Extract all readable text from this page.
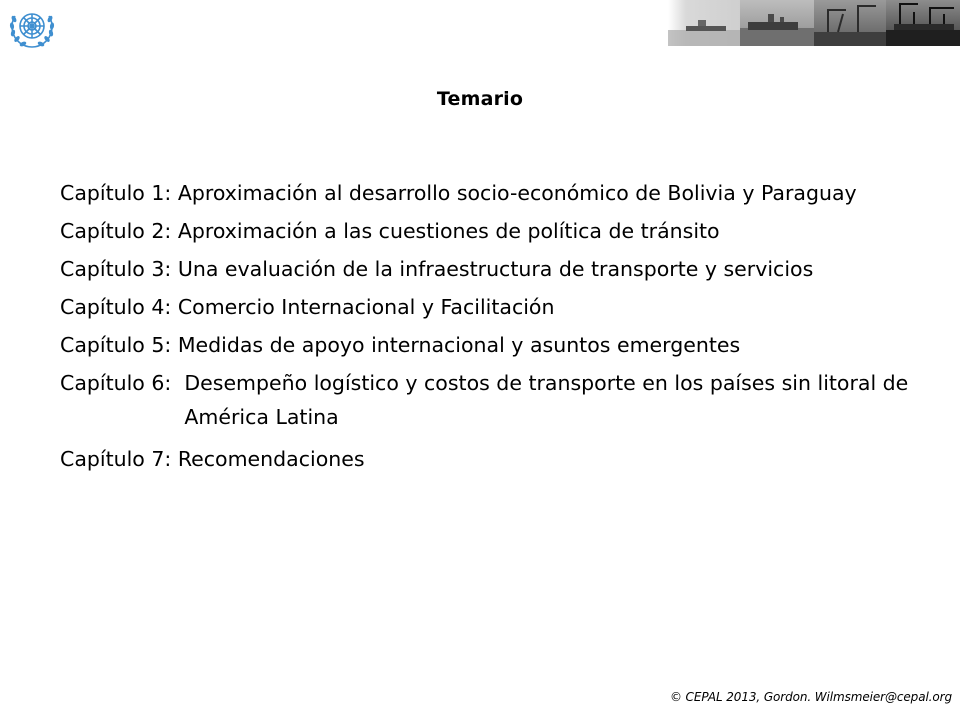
Temario
Capítulo 1: Aproximación al desarrollo socio-económico de Bolivia y Paraguay
Capítulo 2: Aproximación a las cuestiones de política de tránsito
Capítulo 3: Una evaluación de la infraestructura de transporte y servicios
Capítulo 4: Comercio Internacional y Facilitación
Capítulo 5: Medidas de apoyo internacional y asuntos emergentes
Capítulo 6: Desempeño logístico y costos de transporte en los países sin litoral de América Latina
Capítulo 7: Recomendaciones
© CEPAL 2013, Gordon. Wilmsmeier@cepal.org
